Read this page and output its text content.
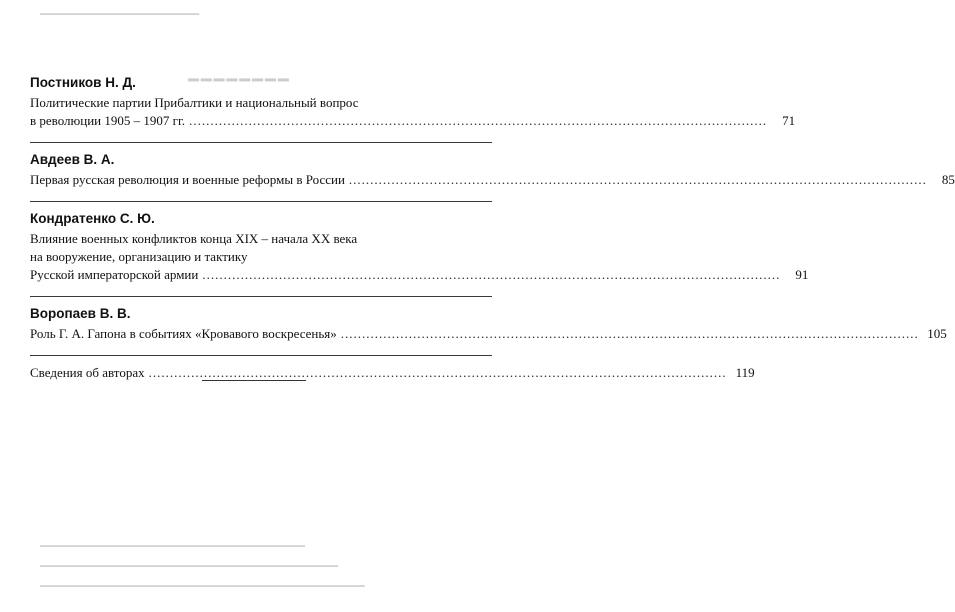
━━━━━━━━
━━━━━━━━━━━━━━━━━━━━━━━━
━━━━━━━━━━━━━━━━━━━━━━━━━━━━━━━━━━━━━━━━
━━━━━━━━━━━━━━━━━━━━━━━━━━━━━━━━━━━━━━━━━━━━━
━━━━━━━━━━━━━━━━━━━━━━━━━━━━━━━━━━━━━━━━━━━━━━━━━
Постников Н. Д.
Политические партии Прибалтики и национальный вопрос
в революции 1905 – 1907 гг. ........................................................................................................................................	71
Авдеев В. А.
Первая русская революция и военные реформы в России ........................................................................................................................................	85
Кондратенко С. Ю.
Влияние военных конфликтов конца XIX – начала XX века
на вооружение, организацию и тактику
Русской императорской армии ........................................................................................................................................	91
Воропаев В. В.
Роль Г. А. Гапона в событиях «Кровавого воскресенья» ........................................................................................................................................ 105
Сведения об авторах ........................................................................................................................................ 119
